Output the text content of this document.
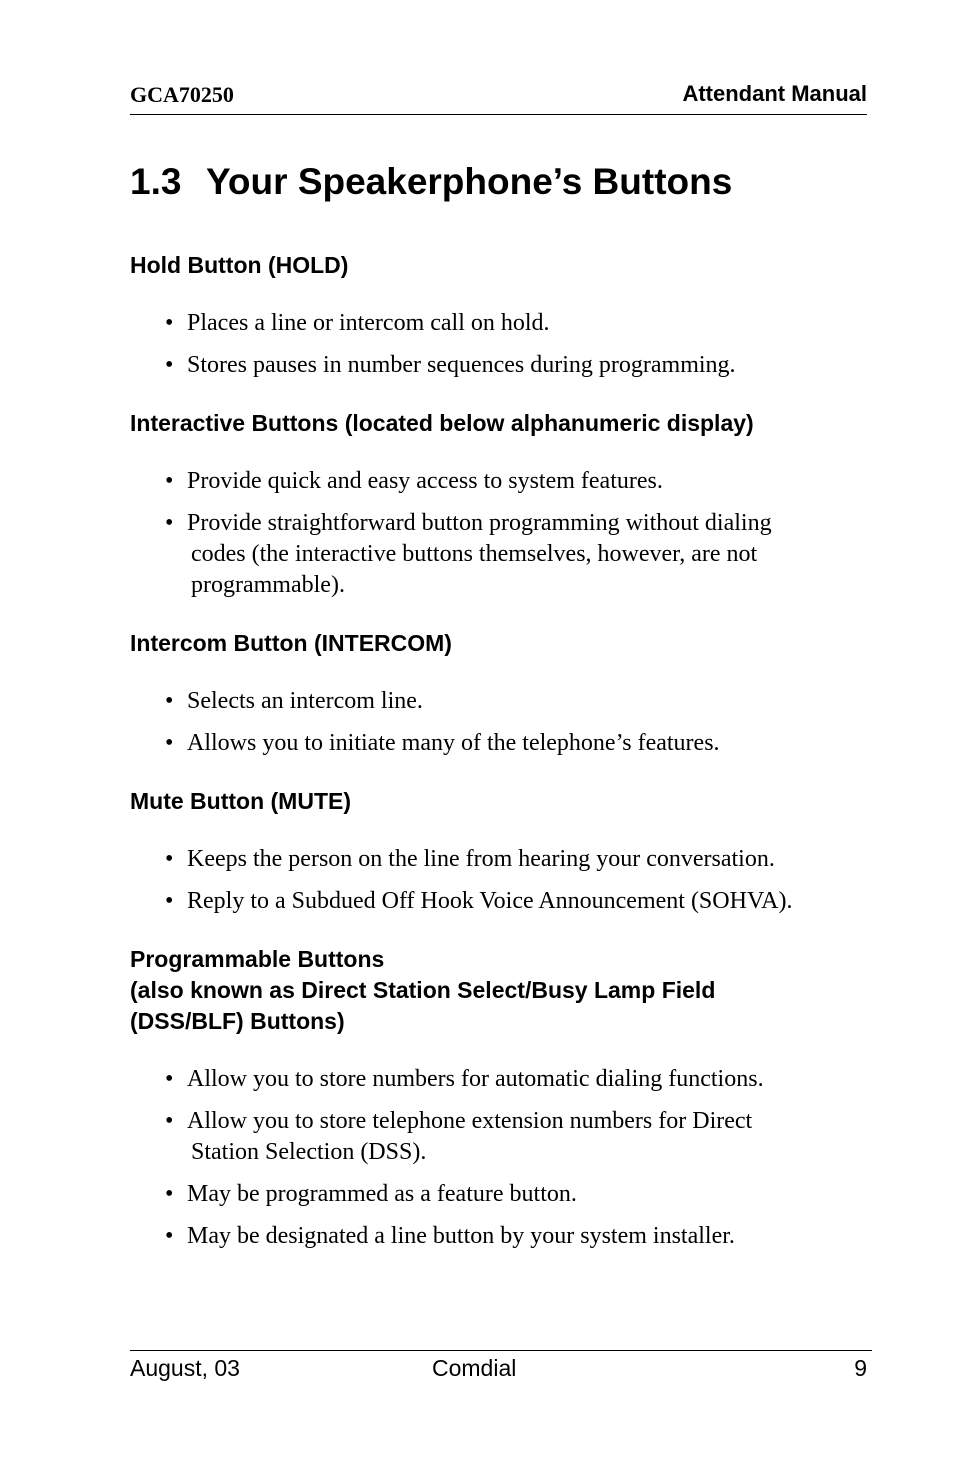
GCA70250	Attendant Manual
1.3 Your Speakerphone’s Buttons
Hold Button (HOLD)
• Places a line or intercom call on hold.
• Stores pauses in number sequences during programming.
Interactive Buttons (located below alphanumeric display)
• Provide quick and easy access to system features.
• Provide straightforward button programming without dialing
codes (the interactive buttons themselves, however, are not
programmable).
Intercom Button (INTERCOM)
• Selects an intercom line.
• Allows you to initiate many of the telephone’s features.
Mute Button (MUTE)
• Keeps the person on the line from hearing your conversation.
• Reply to a Subdued Off Hook Voice Announcement (SOHVA).
Programmable Buttons
(also known as Direct Station Select/Busy Lamp Field
(DSS/BLF) Buttons)
• Allow you to store numbers for automatic dialing functions.
• Allow you to store telephone extension numbers for Direct
Station Selection (DSS).
• May be programmed as a feature button.
• May be designated a line button by your system installer.
August, 03	Comdial	9
